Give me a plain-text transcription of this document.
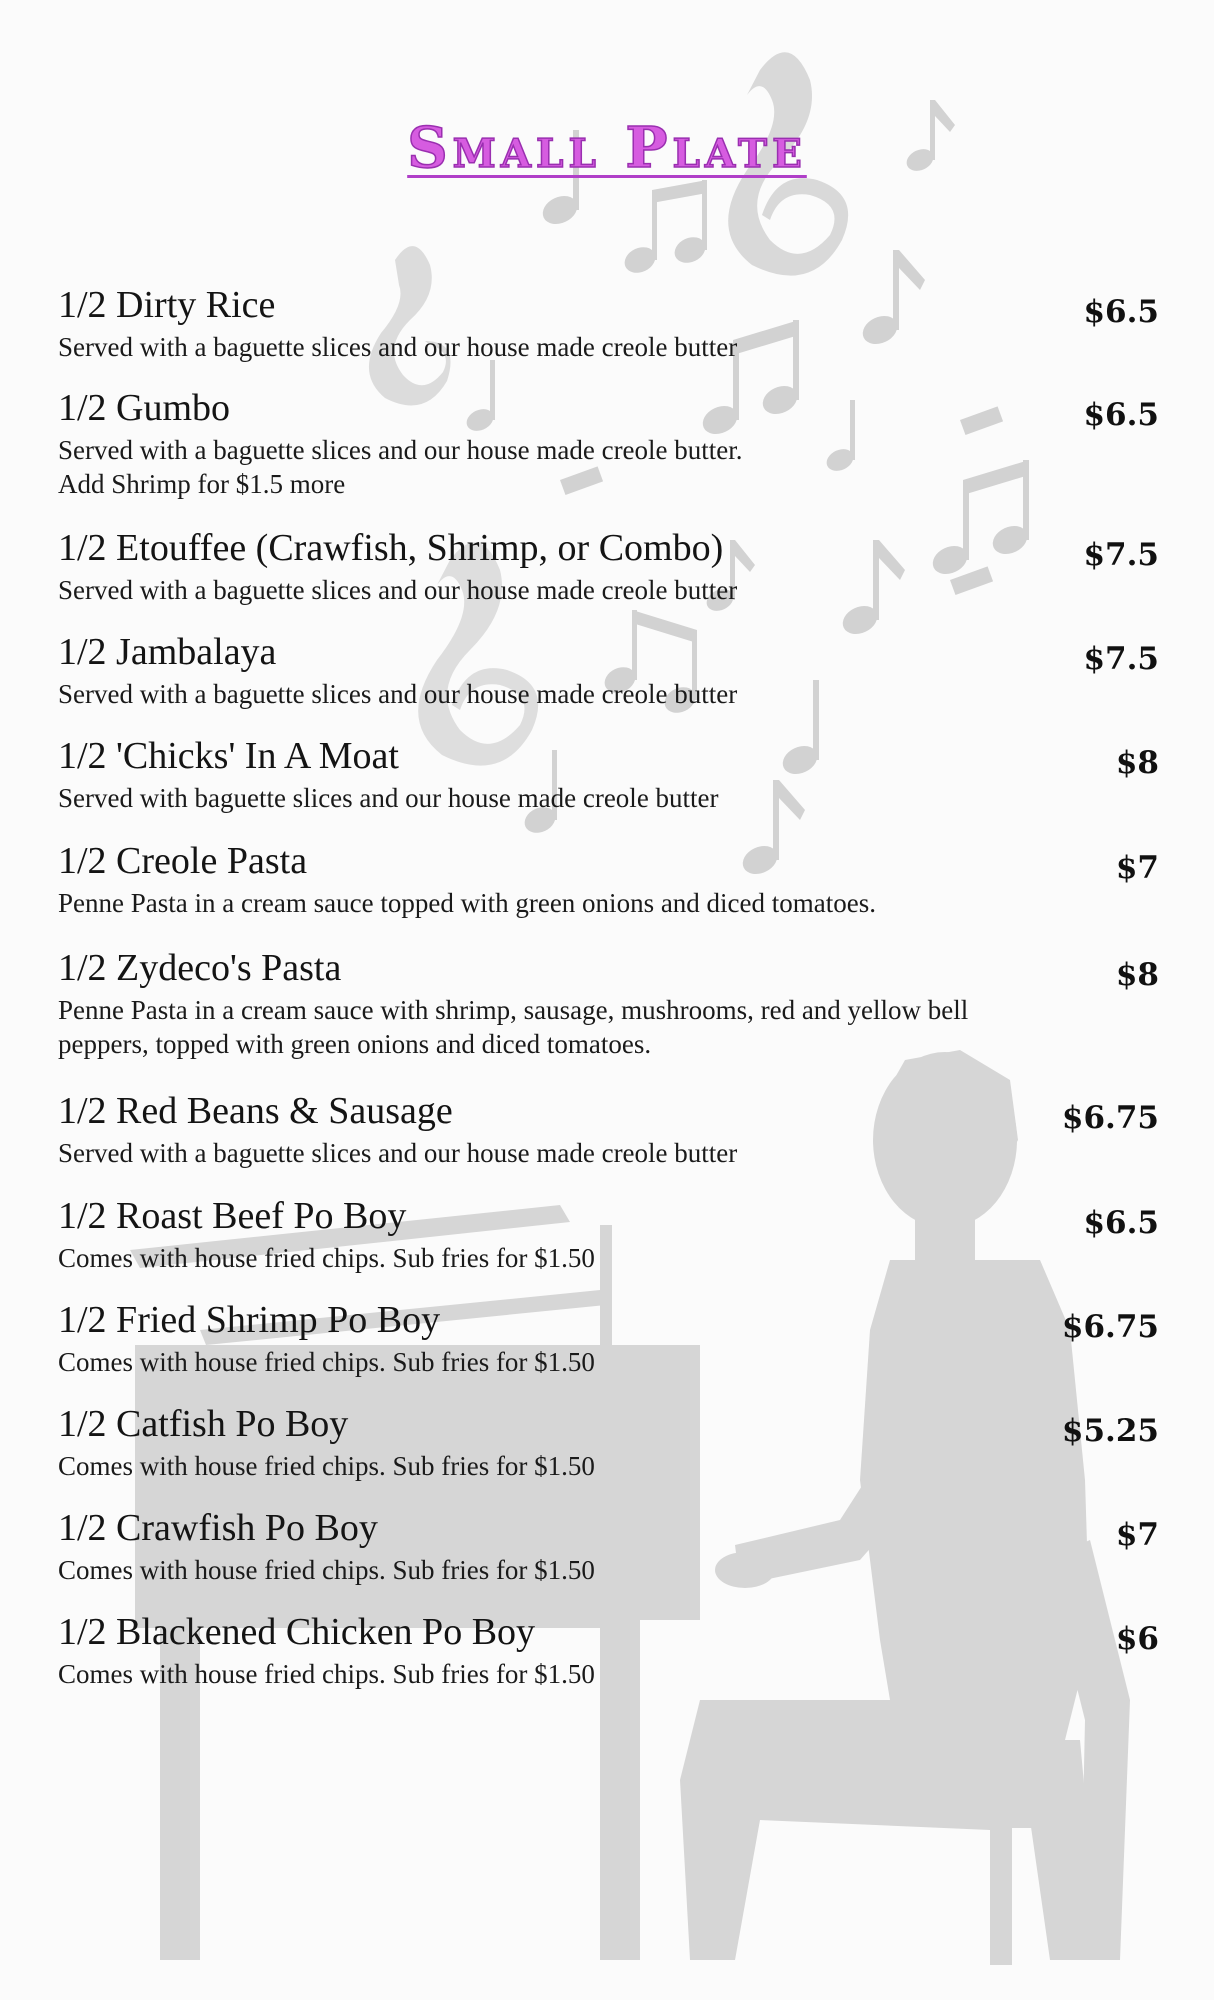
Small Plate
1/2 Dirty Rice	$6.5
Served with a baguette slices and our house made creole butter
1/2 Gumbo	$6.5
Served with a baguette slices and our house made creole butter.
Add Shrimp for $1.5 more
1/2 Etouffee (Crawfish, Shrimp, or Combo)	$7.5
Served with a baguette slices and our house made creole butter
1/2 Jambalaya	$7.5
Served with a baguette slices and our house made creole butter
1/2 'Chicks' In A Moat	$8
Served with baguette slices and our house made creole butter
1/2 Creole Pasta	$7
Penne Pasta in a cream sauce topped with green onions and diced tomatoes.
1/2 Zydeco's Pasta	$8
Penne Pasta in a cream sauce with shrimp, sausage, mushrooms, red and yellow bell
peppers, topped with green onions and diced tomatoes.
1/2 Red Beans & Sausage	$6.75
Served with a baguette slices and our house made creole butter
1/2 Roast Beef Po Boy	$6.5
Comes with house fried chips. Sub fries for $1.50
1/2 Fried Shrimp Po Boy	$6.75
Comes with house fried chips. Sub fries for $1.50
1/2 Catfish Po Boy	$5.25
Comes with house fried chips. Sub fries for $1.50
1/2 Crawfish Po Boy	$7
Comes with house fried chips. Sub fries for $1.50
1/2 Blackened Chicken Po Boy	$6
Comes with house fried chips. Sub fries for $1.50
